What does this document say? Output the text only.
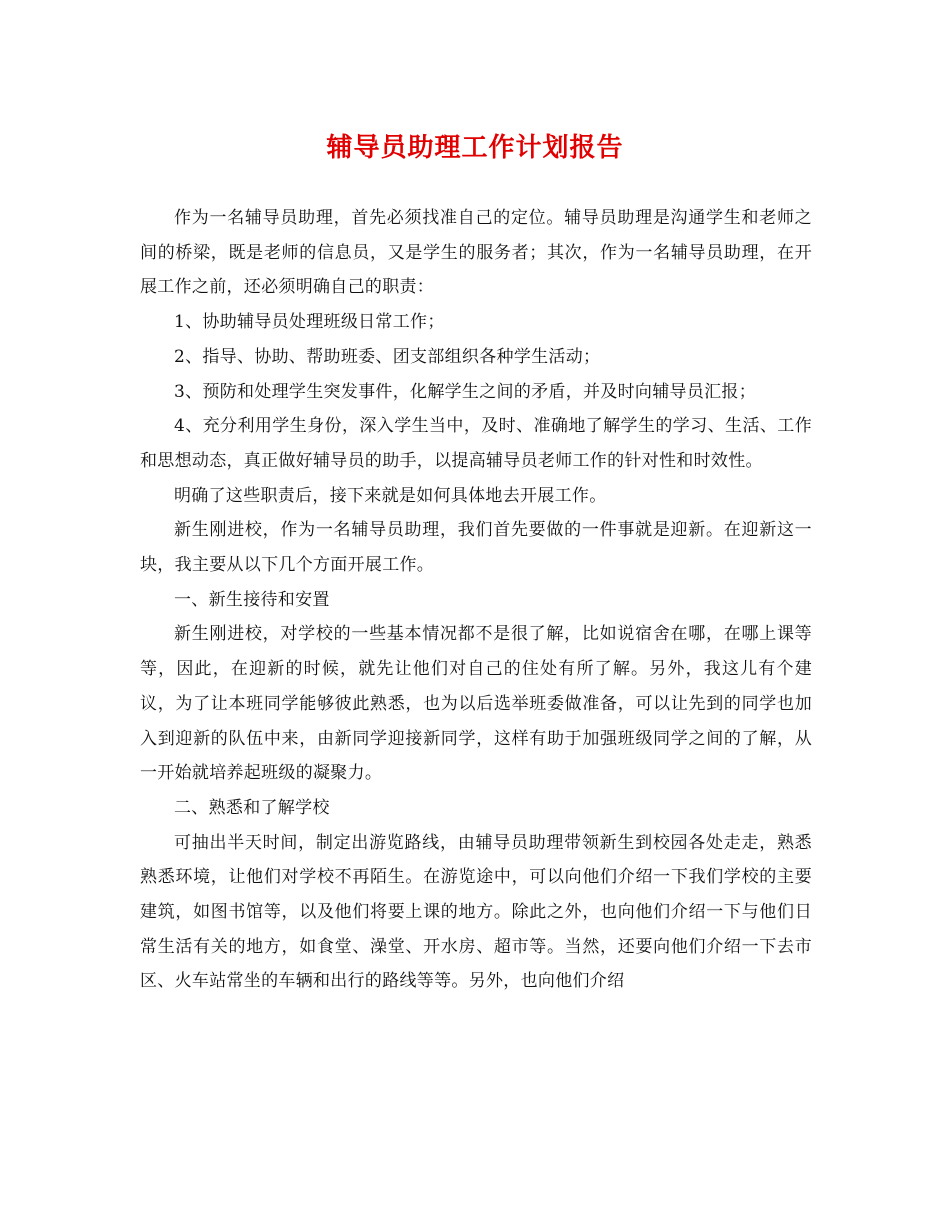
辅导员助理工作计划报告

作为一名辅导员助理，首先必须找准自己的定位。辅导员助理是沟通学生和老师之间的桥梁，既是老师的信息员，又是学生的服务者；其次，作为一名辅导员助理，在开展工作之前，还必须明确自己的职责：

1、协助辅导员处理班级日常工作；

2、指导、协助、帮助班委、团支部组织各种学生活动；

3、预防和处理学生突发事件，化解学生之间的矛盾，并及时向辅导员汇报；

4、充分利用学生身份，深入学生当中，及时、准确地了解学生的学习、生活、工作和思想动态，真正做好辅导员的助手，以提高辅导员老师工作的针对性和时效性。

明确了这些职责后，接下来就是如何具体地去开展工作。

新生刚进校，作为一名辅导员助理，我们首先要做的一件事就是迎新。在迎新这一块，我主要从以下几个方面开展工作。

一、新生接待和安置

新生刚进校，对学校的一些基本情况都不是很了解，比如说宿舍在哪，在哪上课等等，因此，在迎新的时候，就先让他们对自己的住处有所了解。另外，我这儿有个建议，为了让本班同学能够彼此熟悉，也为以后选举班委做准备，可以让先到的同学也加入到迎新的队伍中来，由新同学迎接新同学，这样有助于加强班级同学之间的了解，从一开始就培养起班级的凝聚力。

二、熟悉和了解学校

可抽出半天时间，制定出游览路线，由辅导员助理带领新生到校园各处走走，熟悉熟悉环境，让他们对学校不再陌生。在游览途中，可以向他们介绍一下我们学校的主要建筑，如图书馆等，以及他们将要上课的地方。除此之外，也向他们介绍一下与他们日常生活有关的地方，如食堂、澡堂、开水房、超市等。当然，还要向他们介绍一下去市区、火车站常坐的车辆和出行的路线等等。另外，也向他们介绍
